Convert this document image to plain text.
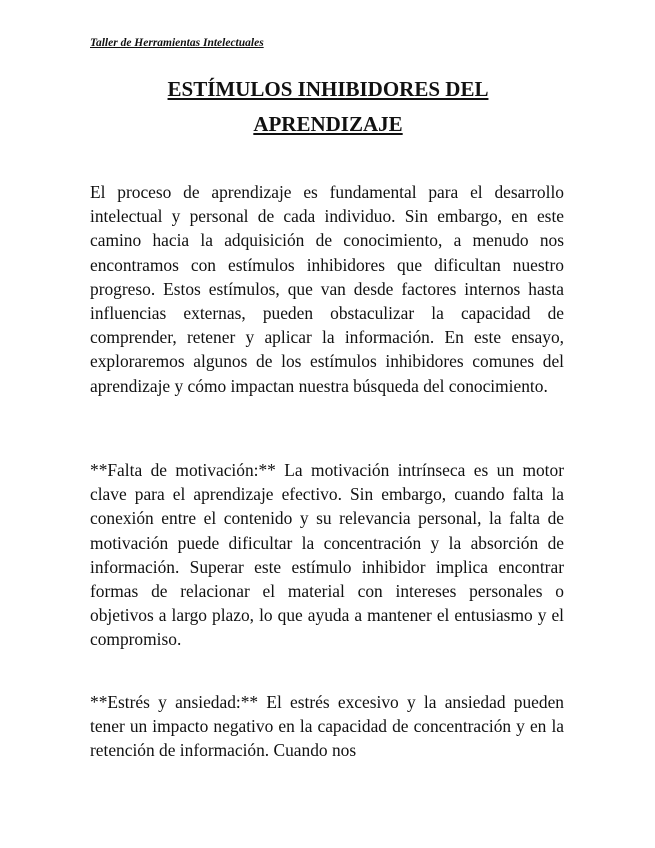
Taller de Herramientas Intelectuales
ESTÍMULOS INHIBIDORES DEL
APRENDIZAJE

El proceso de aprendizaje es fundamental para el desarrollo intelectual y personal de cada individuo. Sin embargo, en este camino hacia la adquisición de conocimiento, a menudo nos encontramos con estímulos inhibidores que dificultan nuestro progreso. Estos estímulos, que van desde factores internos hasta influencias externas, pueden obstaculizar la capacidad de comprender, retener y aplicar la información. En este ensayo, exploraremos algunos de los estímulos inhibidores comunes del aprendizaje y cómo impactan nuestra búsqueda del conocimiento.

**Falta de motivación:** La motivación intrínseca es un motor clave para el aprendizaje efectivo. Sin embargo, cuando falta la conexión entre el contenido y su relevancia personal, la falta de motivación puede dificultar la concentración y la absorción de información. Superar este estímulo inhibidor implica encontrar formas de relacionar el material con intereses personales o objetivos a largo plazo, lo que ayuda a mantener el entusiasmo y el compromiso.

**Estrés y ansiedad:** El estrés excesivo y la ansiedad pueden tener un impacto negativo en la capacidad de concentración y en la retención de información. Cuando nos
